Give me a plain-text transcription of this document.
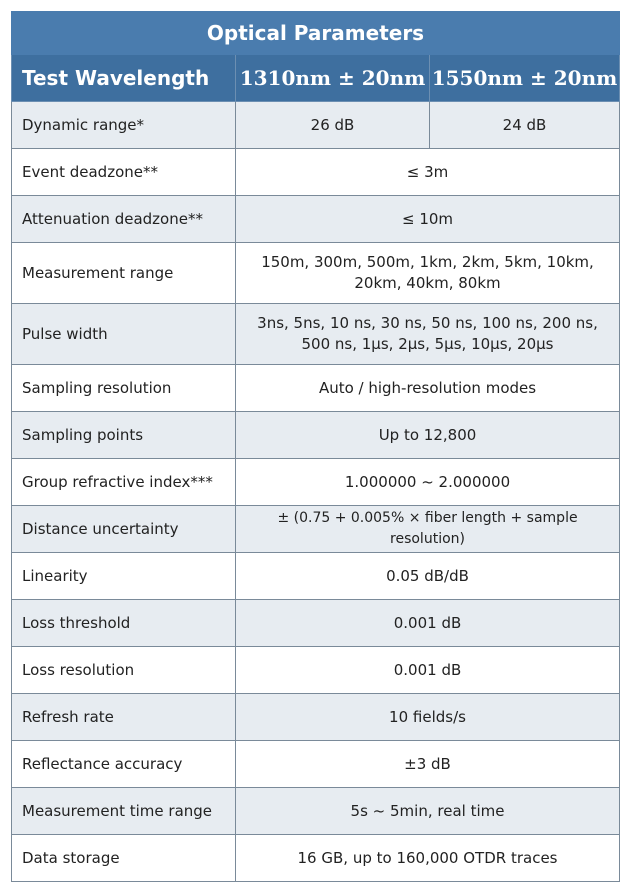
Optical Parameters		
Test Wavelength	1310nm ± 20nm	1550nm ± 20nm
Dynamic range*	26 dB	24 dB
Event deadzone**	≤ 3m	
Attenuation deadzone**	≤ 10m	
Measurement range	150m, 300m, 500m, 1km, 2km, 5km, 10km, 20km, 40km, 80km	
Pulse width	3ns, 5ns, 10 ns, 30 ns, 50 ns, 100 ns, 200 ns, 500 ns, 1μs, 2μs, 5μs, 10μs, 20μs	
Sampling resolution	Auto / high-resolution modes	
Sampling points	Up to 12,800	
Group refractive index***	1.000000 ~ 2.000000	
Distance uncertainty	± (0.75 + 0.005% × fiber length + sample resolution)	
Linearity	0.05 dB/dB	
Loss threshold	0.001 dB	
Loss resolution	0.001 dB	
Refresh rate	10 fields/s	
Reflectance accuracy	±3 dB	
Measurement time range	5s ~ 5min, real time	
Data storage	16 GB, up to 160,000 OTDR traces	
